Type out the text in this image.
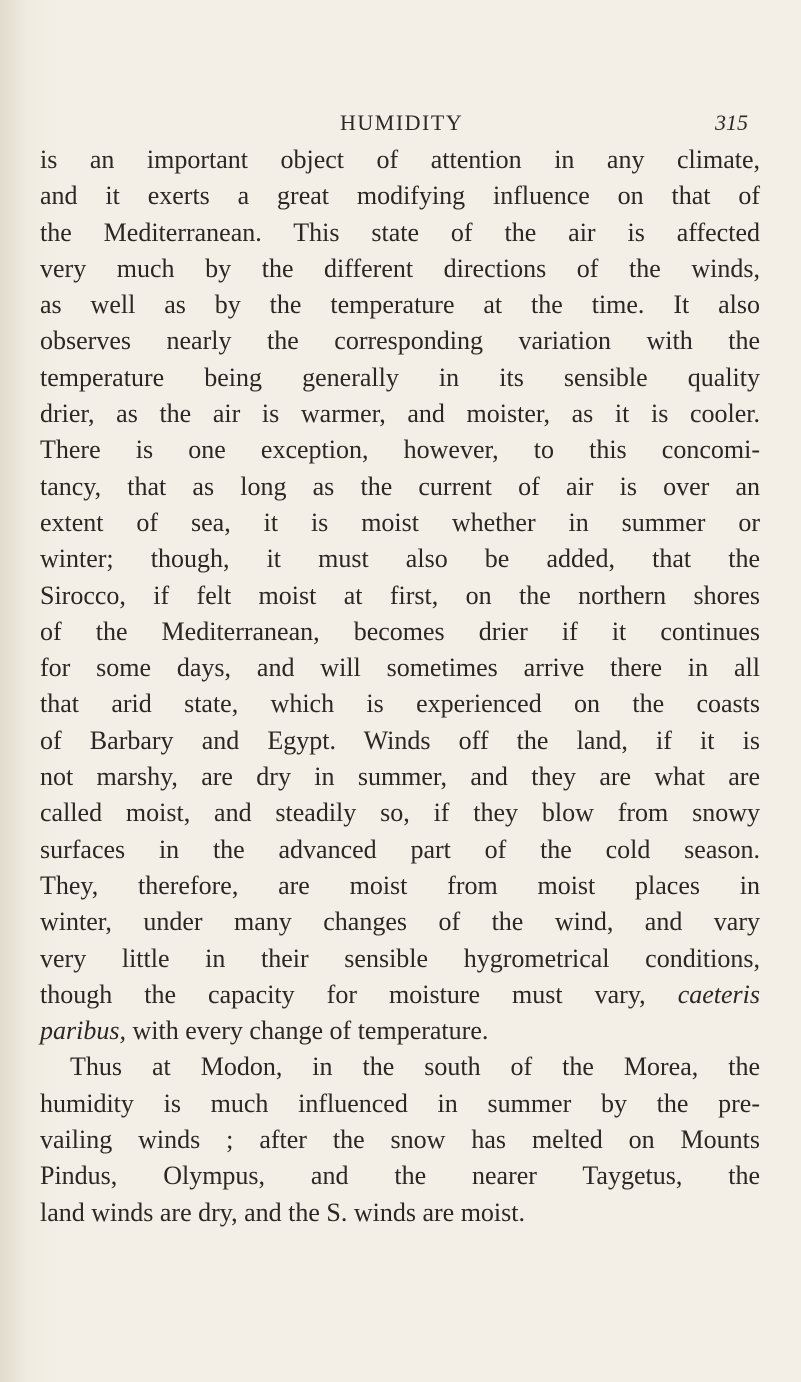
HUMIDITY	315
is an important object of attention in any climate,
and it exerts a great modifying influence on that of
the Mediterranean. This state of the air is affected
very much by the different directions of the winds,
as well as by the temperature at the time. It also
observes nearly the corresponding variation with the
temperature being generally in its sensible quality
drier, as the air is warmer, and moister, as it is cooler.
There is one exception, however, to this concomi-
tancy, that as long as the current of air is over an
extent of sea, it is moist whether in summer or
winter; though, it must also be added, that the
Sirocco, if felt moist at first, on the northern shores
of the Mediterranean, becomes drier if it continues
for some days, and will sometimes arrive there in all
that arid state, which is experienced on the coasts
of Barbary and Egypt. Winds off the land, if it is
not marshy, are dry in summer, and they are what are
called moist, and steadily so, if they blow from snowy
surfaces in the advanced part of the cold season.
They, therefore, are moist from moist places in
winter, under many changes of the wind, and vary
very little in their sensible hygrometrical conditions,
though the capacity for moisture must vary, caeteris
paribus, with every change of temperature.
Thus at Modon, in the south of the Morea, the
humidity is much influenced in summer by the pre-
vailing winds ; after the snow has melted on Mounts
Pindus, Olympus, and the nearer Taygetus, the
land winds are dry, and the S. winds are moist.
